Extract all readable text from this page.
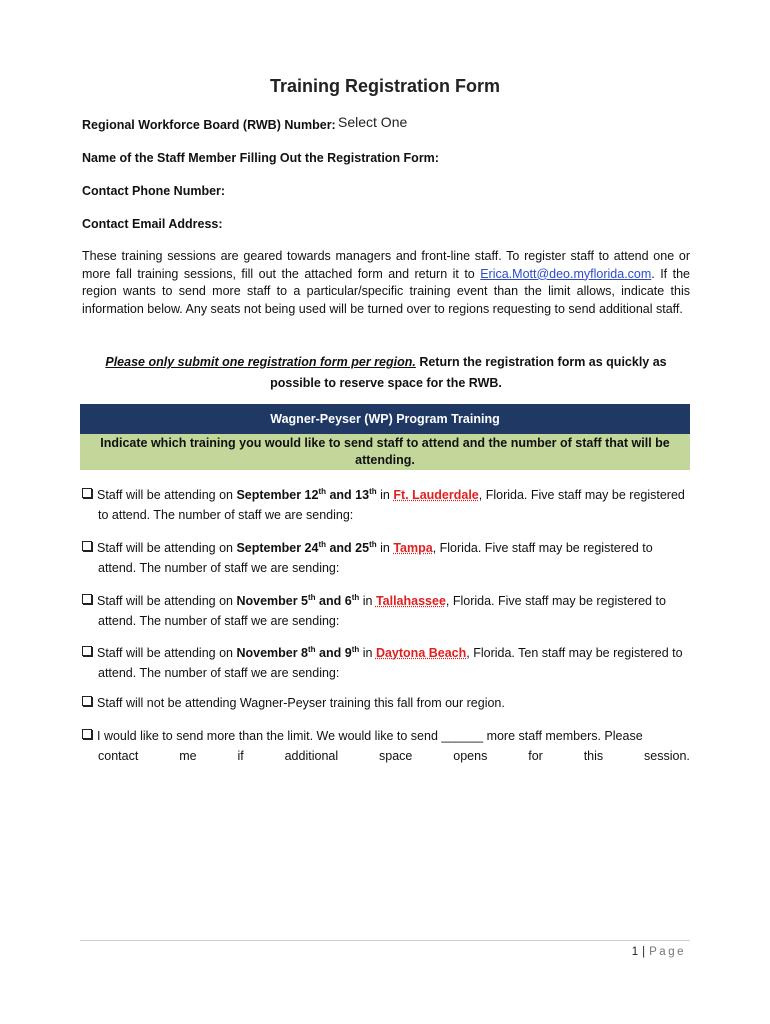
Training Registration Form
Regional Workforce Board (RWB) Number: Select One
Name of the Staff Member Filling Out the Registration Form:
Contact Phone Number:
Contact Email Address:
These training sessions are geared towards managers and front-line staff. To register staff to attend one or more fall training sessions, fill out the attached form and return it to Erica.Mott@deo.myflorida.com. If the region wants to send more staff to a particular/specific training event than the limit allows, indicate this information below. Any seats not being used will be turned over to regions requesting to send additional staff.
Please only submit one registration form per region. Return the registration form as quickly as possible to reserve space for the RWB.
Wagner-Peyser (WP) Program Training
Indicate which training you would like to send staff to attend and the number of staff that will be attending.
Staff will be attending on September 12th and 13th in Ft. Lauderdale, Florida. Five staff may be registered
to attend. The number of staff we are sending:
Staff will be attending on September 24th and 25th in Tampa, Florida. Five staff may be registered to
attend. The number of staff we are sending:
Staff will be attending on November 5th and 6th in Tallahassee, Florida. Five staff may be registered to
attend. The number of staff we are sending:
Staff will be attending on November 8th and 9th in Daytona Beach, Florida. Ten staff may be registered to
attend. The number of staff we are sending:
Staff will not be attending Wagner-Peyser training this fall from our region.
I would like to send more than the limit. We would like to send ______ more staff members. Please
contact	me	if	additional	space	opens	for	this	session.
1 | Page
